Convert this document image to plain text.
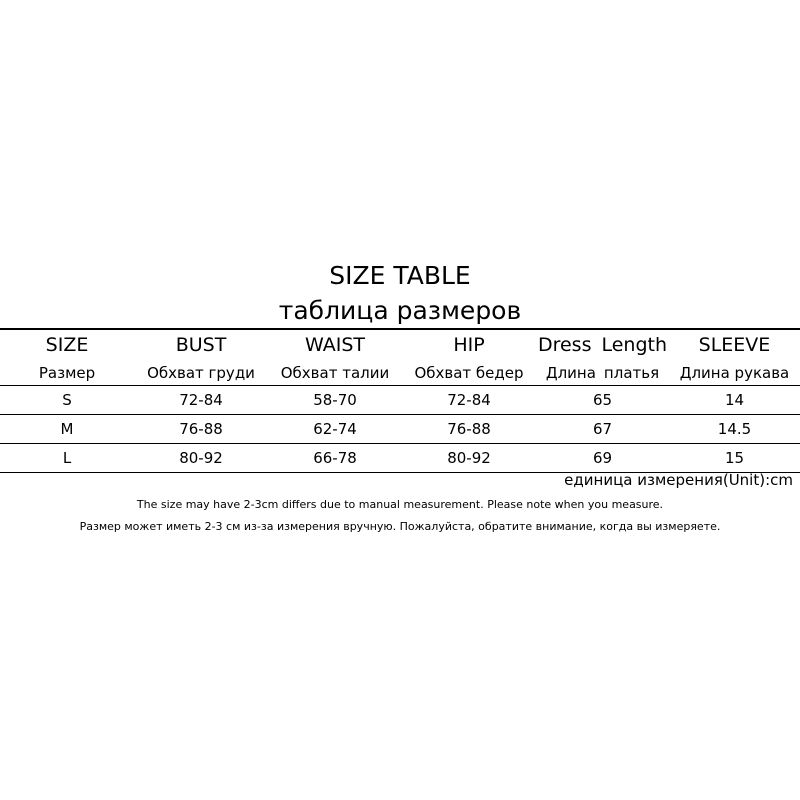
SIZE TABLE
таблица размеров
SIZE	BUST	WAIST	HIP	Dress Length	SLEEVE
Размер	Обхват груди	Обхват талии	Обхват бедер	Длина платья	Длина рукава
S	72-84	58-70	72-84	65	14
M	76-88	62-74	76-88	67	14.5
L	80-92	66-78	80-92	69	15
единица измерения(Unit):cm
The size may have 2-3cm differs due to manual measurement. Please note when you measure.
Размер может иметь 2-3 см из-за измерения вручную. Пожалуйста, обратите внимание, когда вы измеряете.
